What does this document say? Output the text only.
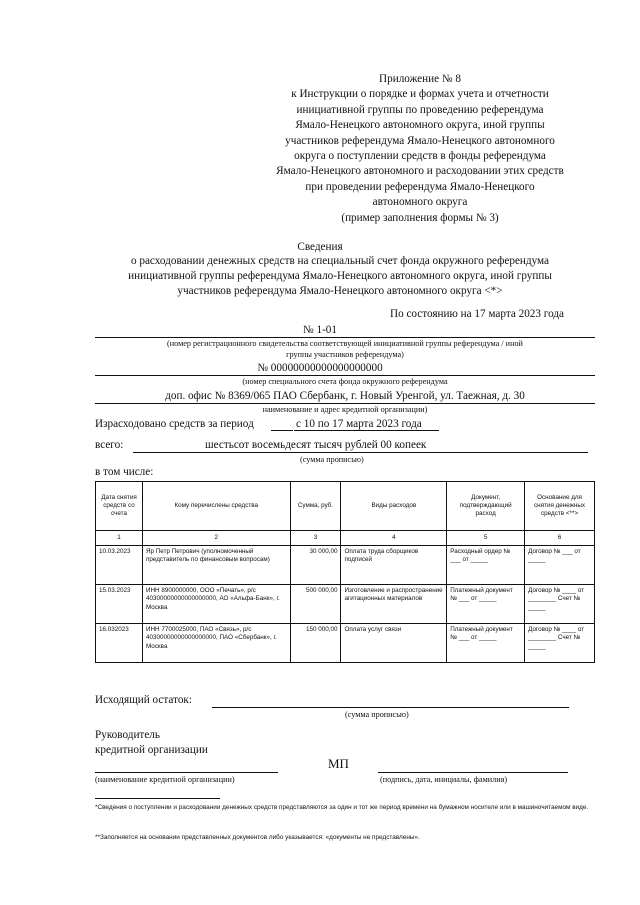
Приложение № 8
к Инструкции о порядке и формах учета и отчетности
инициативной группы по проведению референдума
Ямало-Ненецкого автономного округа, иной группы
участников референдума Ямало-Ненецкого автономного
округа о поступлении средств в фонды референдума
Ямало-Ненецкого автономного и расходовании этих средств
при проведении референдума Ямало-Ненецкого
автономного округа
(пример заполнения формы № 3)
Сведения
о расходовании денежных средств на специальный счет фонда окружного референдума
инициативной группы референдума Ямало-Ненецкого автономного округа, иной группы
участников референдума Ямало-Ненецкого автономного округа <*>
По состоянию на 17 марта 2023 года
№ 1-01
(номер регистрационного свидетельства соответствующей инициативной группы референдума / иной
группы участников референдума)
№ 00000000000000000000
(номер специального счета фонда окружного референдума
доп. офис № 8369/065 ПАО Сбербанк, г. Новый Уренгой, ул. Таежная, д. 30
наименование и адрес кредитной организации)
Израсходовано средств за период	с 10 по 17 марта 2023 года
всего:	шестьсот восемьдесят тысяч рублей 00 копеек
(сумма прописью)
в том числе:
Дата снятия средств со счета	Кому перечислены средства	Сумма, руб.	Виды расходов	Документ, подтверждающий расход	Основание для снятия денежных средств <**>
1	2	3	4	5	6
10.03.2023	Яр Петр Петрович (уполномоченный представитель по финансовым вопросам)	30 000,00	Оплата труда сборщиков подписей	Расходный ордер № ___ от _____	Договор № ___ от _____
15.03.2023	ИНН 8900000000, ООО «Печать», р/с 40300000000000000000, АО «Альфа-Банк», г. Москва	500 000,00	Изготовление и распространение агитационных материалов	Платежный документ № ___ от _____	Договор № ____ от ________ Счет № _____
16.032023	ИНН 7700025000, ПАО «Связь», р/с 40300000000000000000, ПАО «Сбербанк», г. Москва	150 000,00	Оплата услуг связи	Платежный документ № ___ от _____	Договор № ____ от ________ Счет № _____
Исходящий остаток:
(сумма прописью)
Руководитель
кредитной организации
МП
(наименование кредитной организации)	(подпись, дата, инициалы, фамилия)
*Сведения о поступлении и расходовании денежных средств представляются за один и тот же период времени на бумажном носителе или в машиночитаемом виде.
**Заполняется на основании представленных документов либо указывается: «документы не представлены».
